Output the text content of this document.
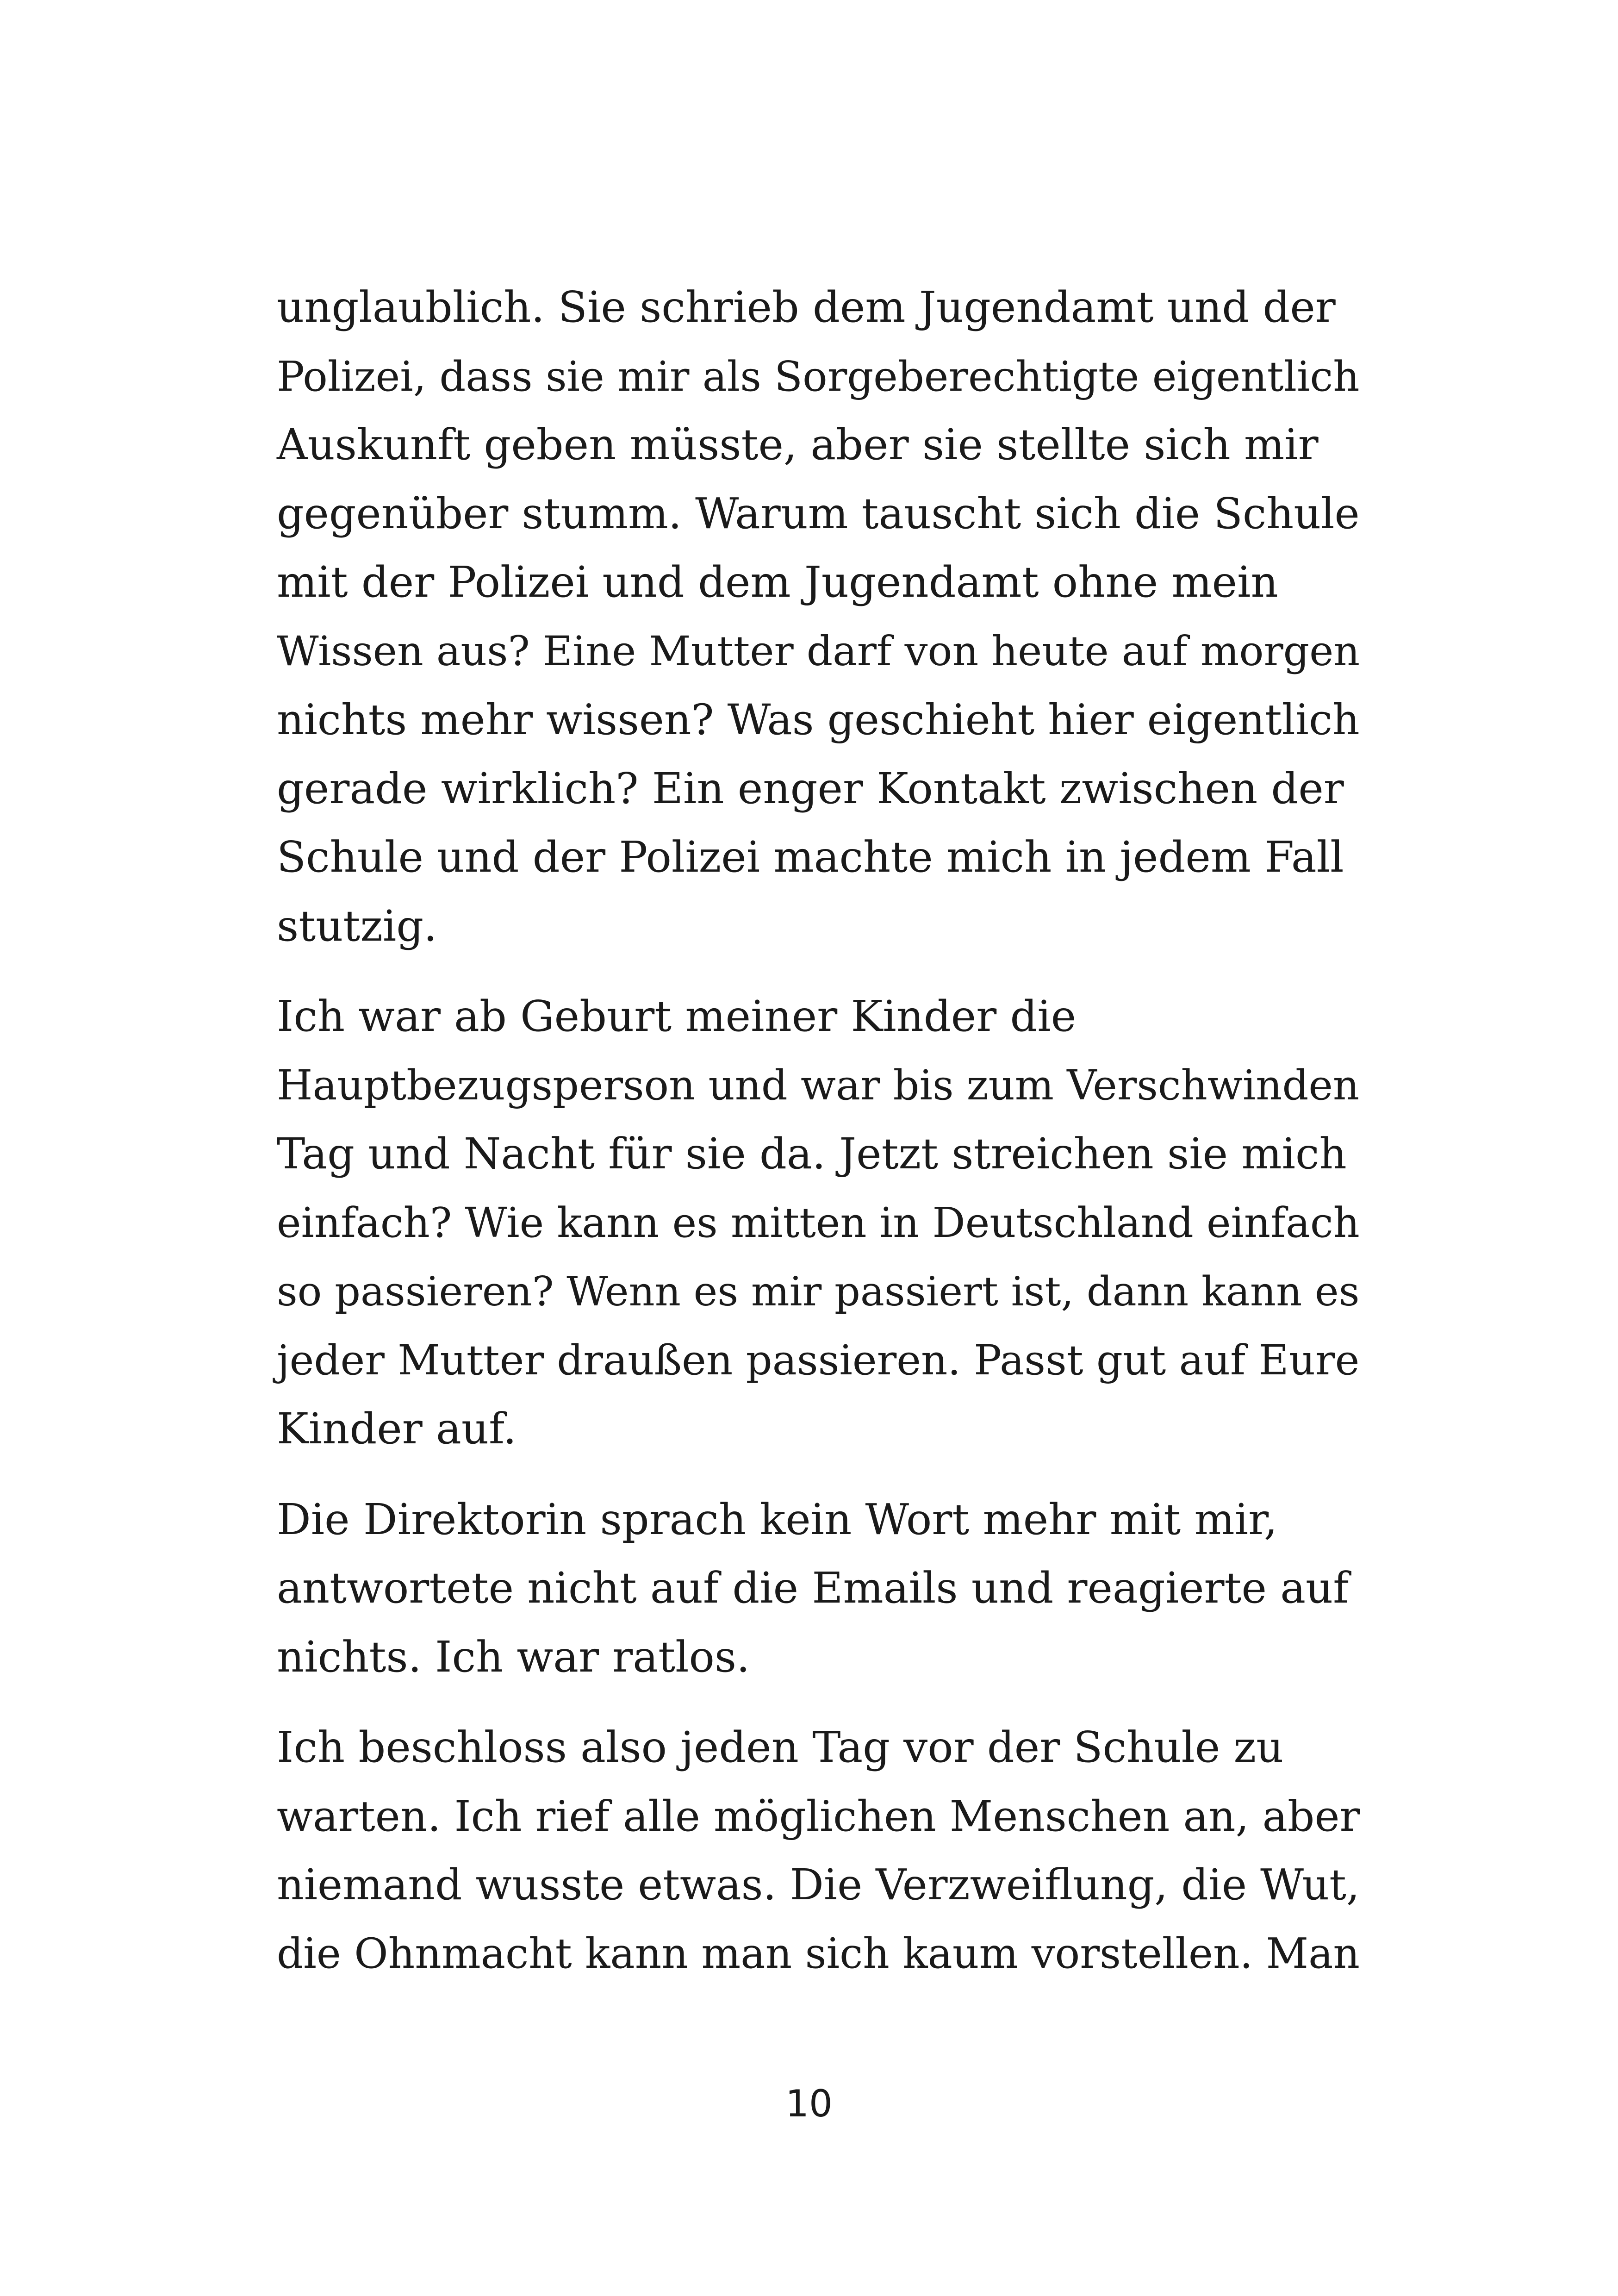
unglaublich. Sie schrieb dem Jugendamt und der
Polizei, dass sie mir als Sorgeberechtigte eigentlich
Auskunft geben müsste, aber sie stellte sich mir
gegenüber stumm. Warum tauscht sich die Schule
mit der Polizei und dem Jugendamt ohne mein
Wissen aus? Eine Mutter darf von heute auf morgen
nichts mehr wissen? Was geschieht hier eigentlich
gerade wirklich? Ein enger Kontakt zwischen der
Schule und der Polizei machte mich in jedem Fall
stutzig.

Ich war ab Geburt meiner Kinder die
Hauptbezugsperson und war bis zum Verschwinden
Tag und Nacht für sie da. Jetzt streichen sie mich
einfach? Wie kann es mitten in Deutschland einfach
so passieren? Wenn es mir passiert ist, dann kann es
jeder Mutter draußen passieren. Passt gut auf Eure
Kinder auf.

Die Direktorin sprach kein Wort mehr mit mir,
antwortete nicht auf die Emails und reagierte auf
nichts. Ich war ratlos.

Ich beschloss also jeden Tag vor der Schule zu
warten. Ich rief alle möglichen Menschen an, aber
niemand wusste etwas. Die Verzweiflung, die Wut,
die Ohnmacht kann man sich kaum vorstellen. Man

10
